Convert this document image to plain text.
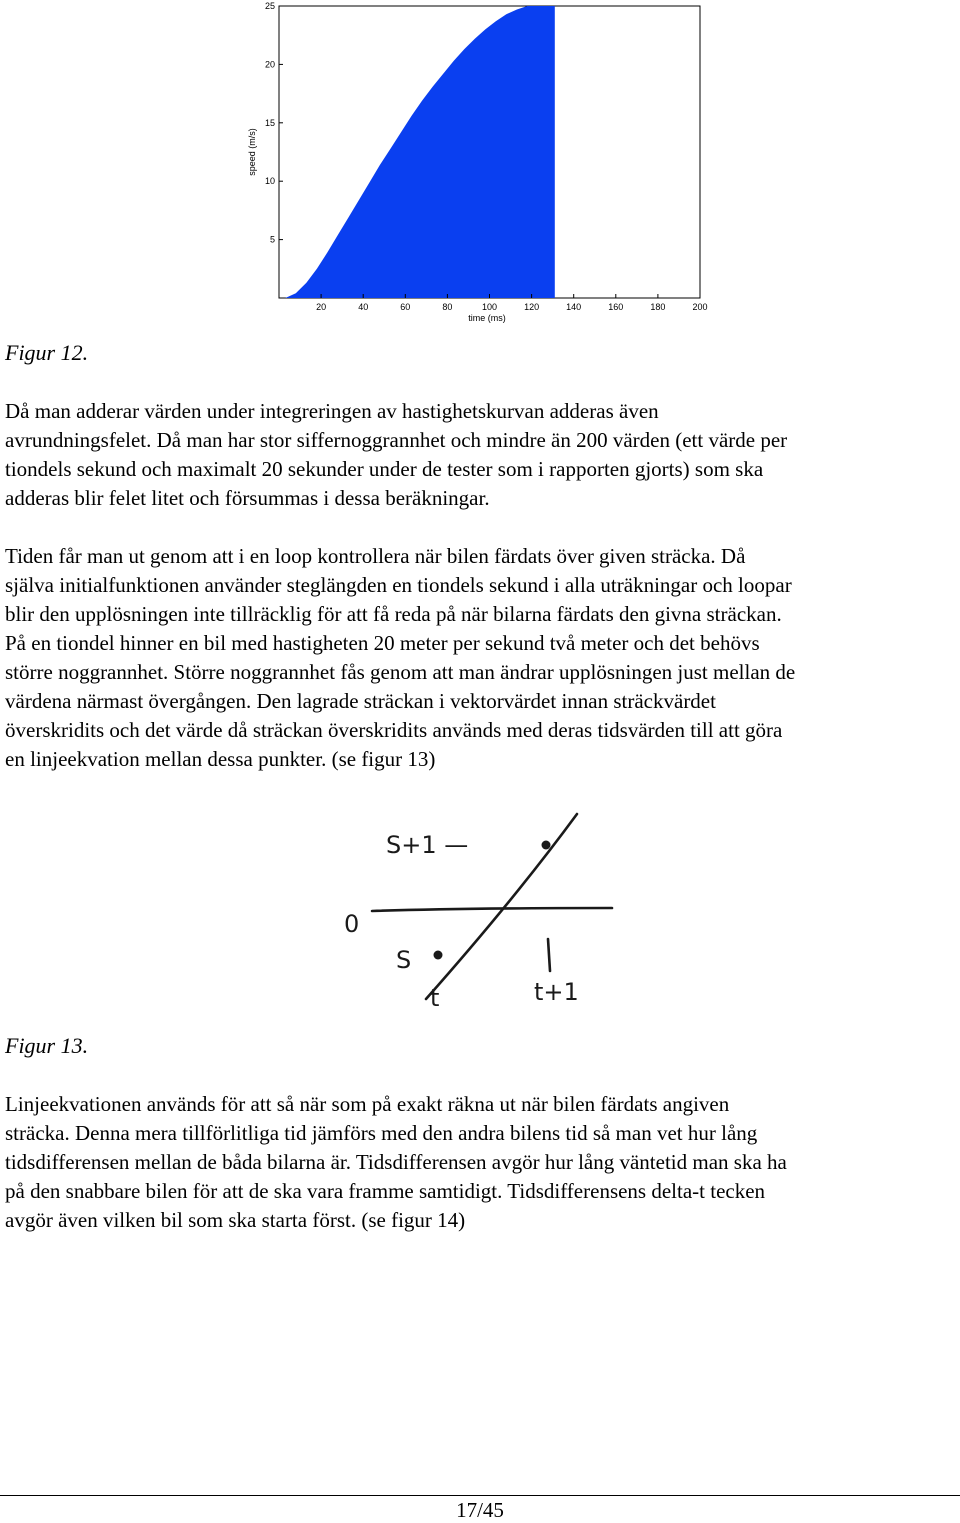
20	40	60	80	100	120	140	160	180	200
5
10
15
20
25
time (ms)
speed (m/s)
Figur 12.

Då man adderar värden under integreringen av hastighetskurvan adderas även

avrundningsfelet. Då man har stor siffernoggrannhet och mindre än 200 värden (ett värde per

tiondels sekund och maximalt 20 sekunder under de tester som i rapporten gjorts) som ska

adderas blir felet litet och försummas i dessa beräkningar.

Tiden får man ut genom att i en loop kontrollera när bilen färdats över given sträcka. Då

själva initialfunktionen använder steglängden en tiondels sekund i alla uträkningar och loopar

blir den upplösningen inte tillräcklig för att få reda på när bilarna färdats den givna sträckan.

På en tiondel hinner en bil med hastigheten 20 meter per sekund två meter och det behövs

större noggrannhet. Större noggrannhet fås genom att man ändrar upplösningen just mellan de

värdena närmast övergången. Den lagrade sträckan i vektorvärdet innan sträckvärdet

överskridits och det värde då sträckan överskridits används med deras tidsvärden till att göra

en linjeekvation mellan dessa punkter. (se figur 13)

S+1 —
0
S	1
t	t+1
Figur 13.

Linjeekvationen används för att så när som på exakt räkna ut när bilen färdats angiven

sträcka. Denna mera tillförlitliga tid jämförs med den andra bilens tid så man vet hur lång

tidsdifferensen mellan de båda bilarna är. Tidsdifferensen avgör hur lång väntetid man ska ha

på den snabbare bilen för att de ska vara framme samtidigt. Tidsdifferensens delta-t tecken

avgör även vilken bil som ska starta först. (se figur 14)

17/45
